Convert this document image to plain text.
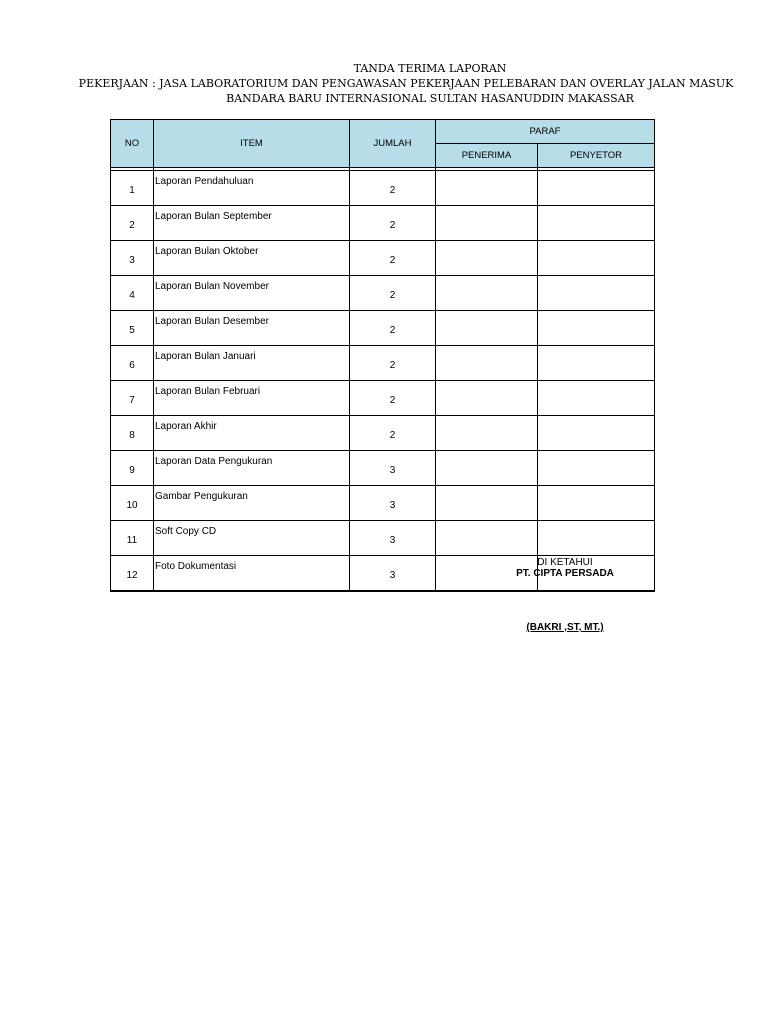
TANDA TERIMA LAPORAN
PEKERJAAN : JASA LABORATORIUM DAN PENGAWASAN PEKERJAAN PELEBARAN DAN OVERLAY JALAN MASUK
BANDARA BARU INTERNASIONAL SULTAN HASANUDDIN MAKASSAR
NO	ITEM	JUMLAH	PARAF	
			PENERIMA	PENYETOR

1	Laporan Pendahuluan	2		
2	Laporan Bulan September	2		
3	Laporan Bulan Oktober	2		
4	Laporan Bulan November	2		
5	Laporan Bulan Desember	2		
6	Laporan Bulan Januari	2		
7	Laporan Bulan Februari	2		
8	Laporan Akhir	2		
9	Laporan Data Pengukuran	3		
10	Gambar Pengukuran	3		
11	Soft Copy CD	3		
12	Foto Dokumentasi	3		
DI KETAHUI
PT. CIPTA PERSADA
(BAKRI ,ST, MT.)
